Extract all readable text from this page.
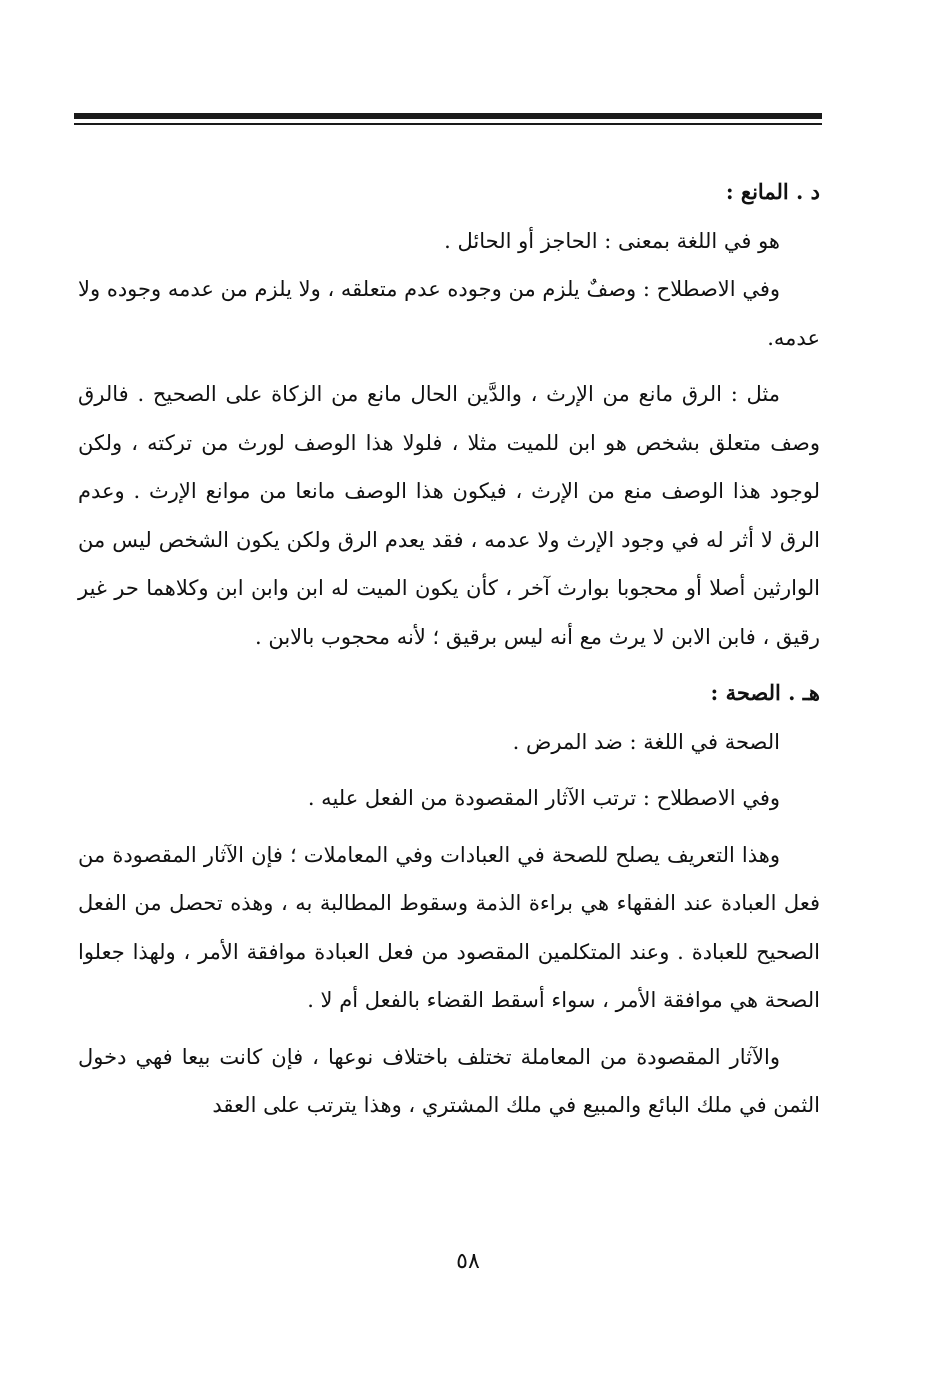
د . المانع :

هو في اللغة بمعنى : الحاجز أو الحائل .

وفي الاصطلاح : وصفٌ يلزم من وجوده عدم متعلقه ، ولا يلزم من عدمه وجوده ولا عدمه.

مثل : الرق مانع من الإرث ، والدَّين الحال مانع من الزكاة على الصحيح . فالرق وصف متعلق بشخص هو ابن للميت مثلا ، فلولا هذا الوصف لورث من تركته ، ولكن لوجود هذا الوصف منع من الإرث ، فيكون هذا الوصف مانعا من موانع الإرث . وعدم الرق لا أثر له في وجود الإرث ولا عدمه ، فقد يعدم الرق ولكن يكون الشخص ليس من الوارثين أصلا أو محجوبا بوارث آخر ، كأن يكون الميت له ابن وابن ابن وكلاهما حر غير رقيق ، فابن الابن لا يرث مع أنه ليس برقيق ؛ لأنه محجوب بالابن .

هـ . الصحة :

الصحة في اللغة : ضد المرض .

وفي الاصطلاح : ترتب الآثار المقصودة من الفعل عليه .

وهذا التعريف يصلح للصحة في العبادات وفي المعاملات ؛ فإن الآثار المقصودة من فعل العبادة عند الفقهاء هي براءة الذمة وسقوط المطالبة به ، وهذه تحصل من الفعل الصحيح للعبادة . وعند المتكلمين المقصود من فعل العبادة موافقة الأمر ، ولهذا جعلوا الصحة هي موافقة الأمر ، سواء أسقط القضاء بالفعل أم لا .

والآثار المقصودة من المعاملة تختلف باختلاف نوعها ، فإن كانت بيعا فهي دخول الثمن في ملك البائع والمبيع في ملك المشتري ، وهذا يترتب على العقد

٥٨
